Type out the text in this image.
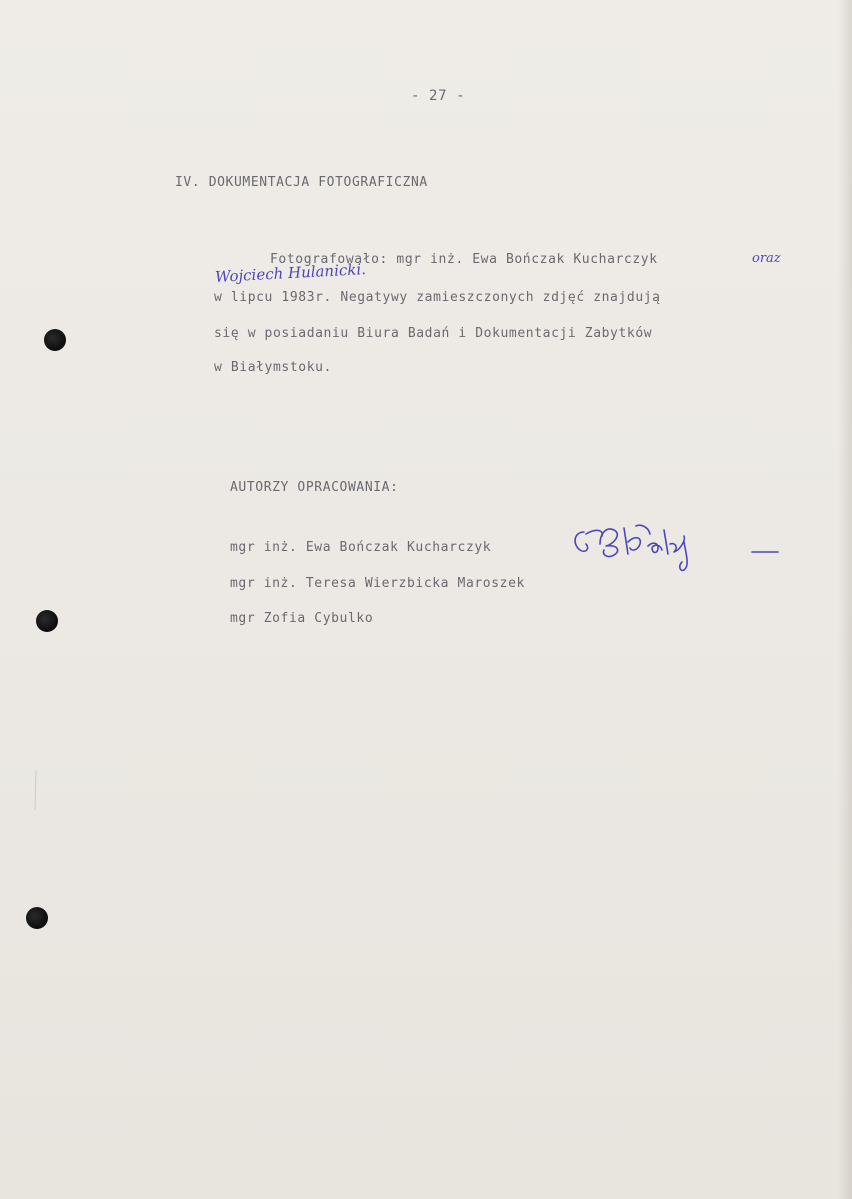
- 27 -
IV. DOKUMENTACJA FOTOGRAFICZNA
Fotografowało: mgr inż. Ewa Bończak Kucharczyk	oraz
Wojciech Hulanicki.
w lipcu 1983r. Negatywy zamieszczonych zdjęć znajdują
się w posiadaniu Biura Badań i Dokumentacji Zabytków
w Białymstoku.
AUTORZY OPRACOWANIA:
mgr inż. Ewa Bończak Kucharczyk
mgr inż. Teresa Wierzbicka Maroszek
mgr Zofia Cybulko
